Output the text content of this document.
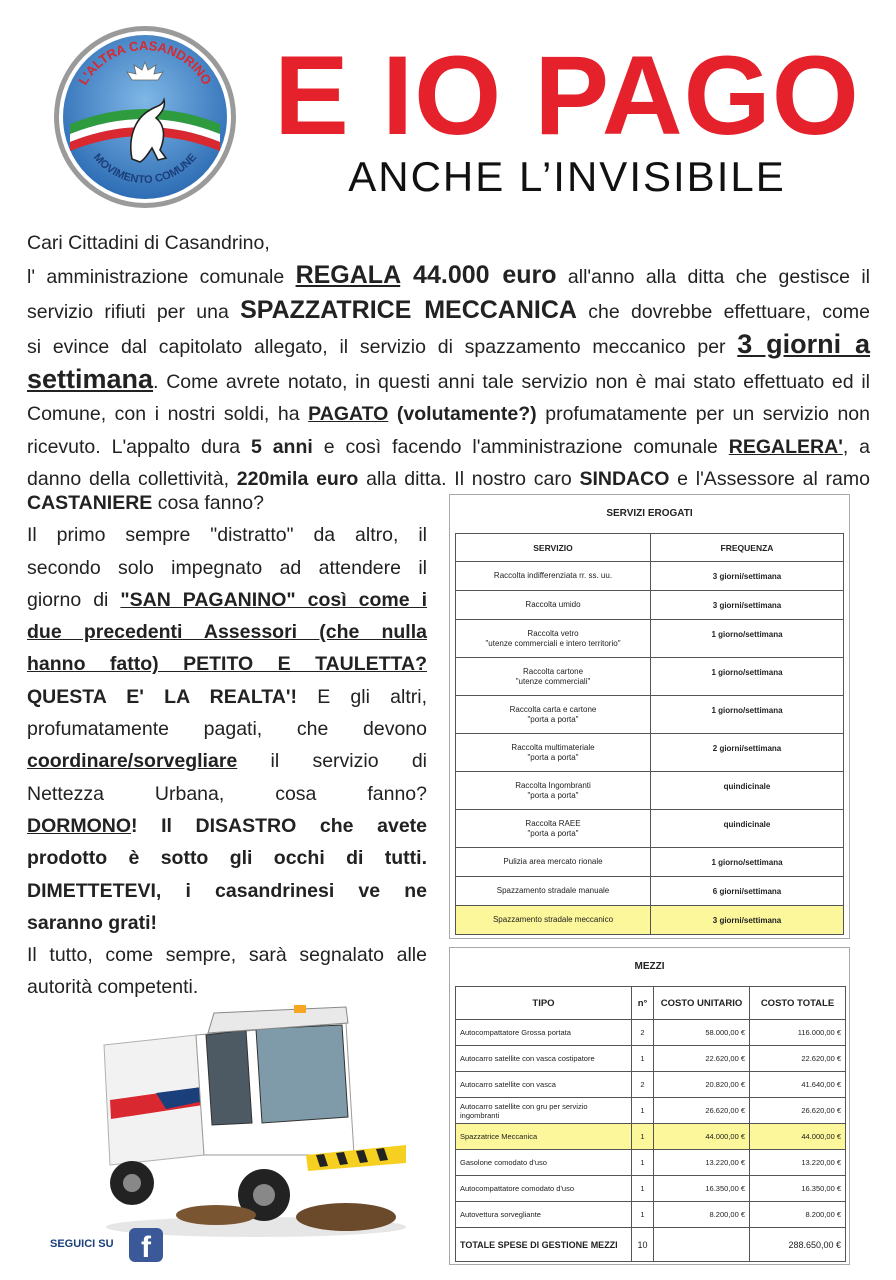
L'ALTRA CASANDRINO
MOVIMENTO COMUNE
E IO PAGO
ANCHE L’INVISIBILE
Cari Cittadini di Casandrino,
l' amministrazione comunale REGALA 44.000 euro all'anno alla ditta che gestisce il
servizio rifiuti per una SPAZZATRICE MECCANICA che dovrebbe effettuare, come
si evince dal capitolato allegato, il servizio di spazzamento meccanico per 3 giorni a
settimana. Come avrete notato, in questi anni tale servizio non è mai stato effettuato ed il
Comune, con i nostri soldi, ha PAGATO (volutamente?) profumatamente per un servizio non
ricevuto. L'appalto dura 5 anni e così facendo l'amministrazione comunale REGALERA', a
danno della collettività, 220mila euro alla ditta. Il nostro caro SINDACO e l'Assessore al ramo
CASTANIERE cosa fanno?
Il primo sempre "distratto" da altro, il
secondo solo impegnato ad attendere il
giorno di "SAN PAGANINO" così come i
due precedenti Assessori (che nulla
hanno fatto) PETITO E TAULETTA?
QUESTA E' LA REALTA'! E gli altri,
profumatamente pagati, che devono
coordinare/sorvegliare il servizio di
Nettezza Urbana, cosa fanno?
DORMONO! Il DISASTRO che avete
prodotto è sotto gli occhi di tutti.
DIMETTETEVI, i casandrinesi ve ne
saranno grati!
Il tutto, come sempre, sarà segnalato alle
autorità competenti.
SERVIZI EROGATI
SERVIZIO	FREQUENZA
Raccolta indifferenziata rr. ss. uu.	3 giorni/settimana
Raccolta umido	3 giorni/settimana
Raccolta vetro
"utenze commerciali e intero territorio"	1 giorno/settimana
Raccolta cartone
"utenze commerciali"	1 giorno/settimana
Raccolta carta e cartone
"porta a porta"	1 giorno/settimana
Raccolta multimateriale
"porta a porta"	2 giorni/settimana
Raccolta Ingombranti
"porta a porta"	quindicinale
Raccolta RAEE
"porta a porta"	quindicinale
Pulizia area mercato rionale	1 giorno/settimana
Spazzamento stradale manuale	6 giorni/settimana
Spazzamento stradale meccanico	3 giorni/settimana
MEZZI
TIPO	n°	COSTO UNITARIO	COSTO TOTALE
Autocompattatore Grossa portata	2	58.000,00 €	116.000,00 €
Autocarro satellite con vasca costipatore	1	22.620,00 €	22.620,00 €
Autocarro satellite con vasca	2	20.820,00 €	41.640,00 €
Autocarro satellite con gru per servizio ingombranti	1	26.620,00 €	26.620,00 €
Spazzatrice Meccanica	1	44.000,00 €	44.000,00 €
Gasolone comodato d'uso	1	13.220,00 €	13.220,00 €
Autocompattatore comodato d'uso	1	16.350,00 €	16.350,00 €
Autovettura sorvegliante	1	8.200,00 €	8.200,00 €
TOTALE SPESE DI GESTIONE MEZZI	10		288.650,00 €
SEGUICI SU f
